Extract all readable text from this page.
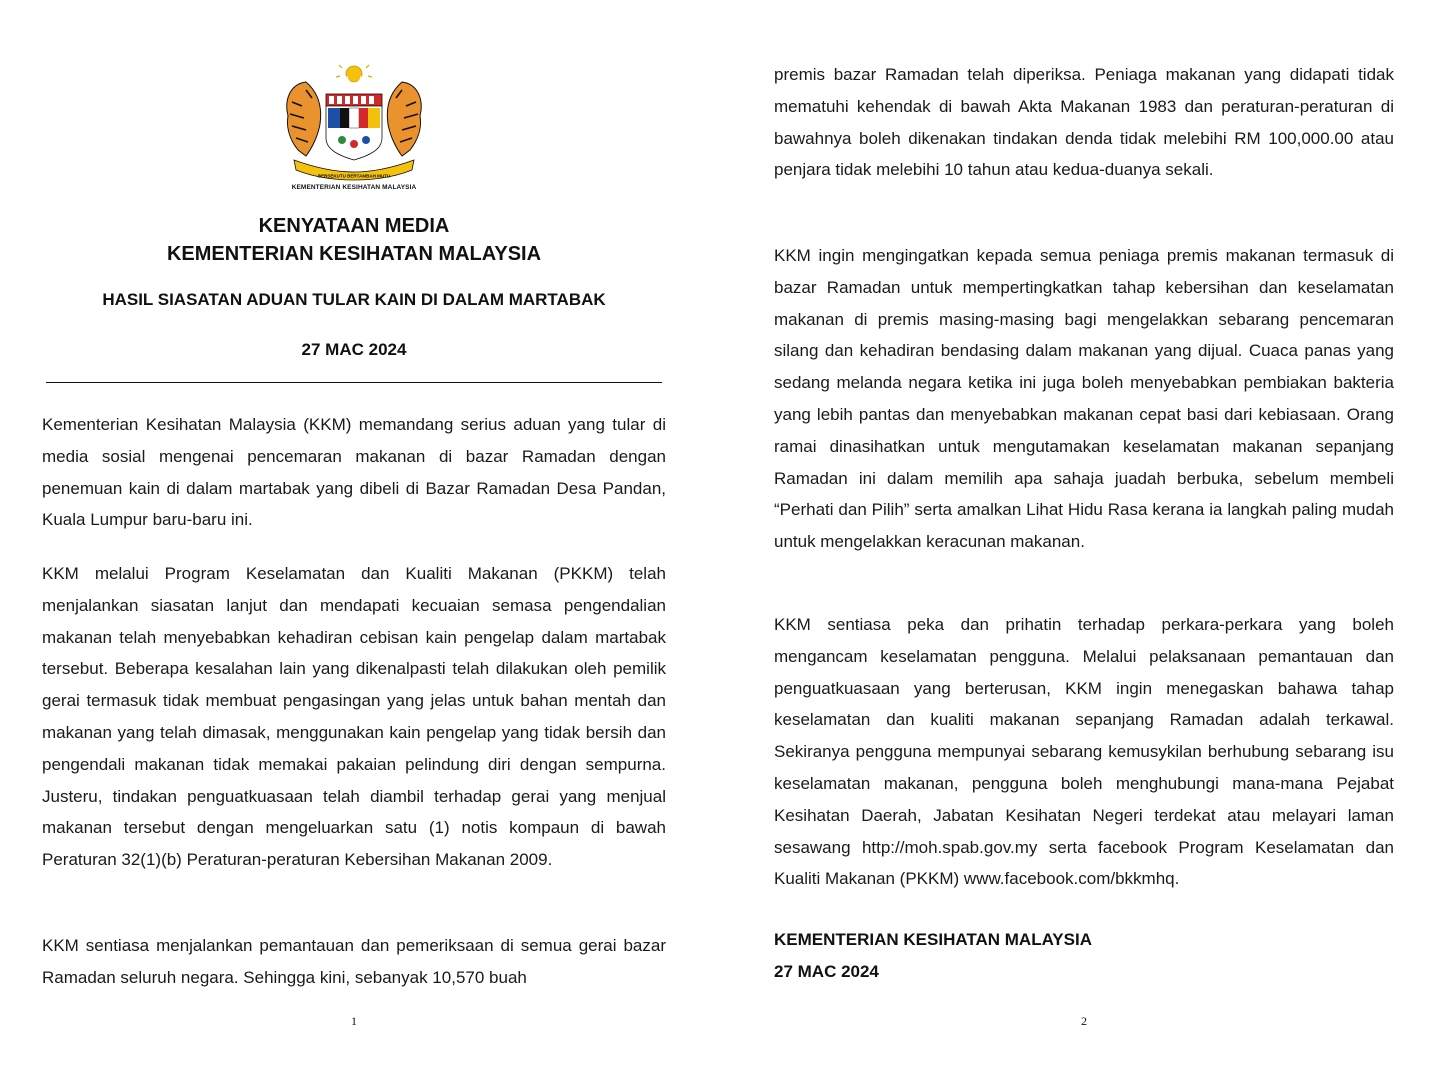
BERSEKUTU BERTAMBAH MUTU
KEMENTERIAN KESIHATAN MALAYSIA
KENYATAAN MEDIA
KEMENTERIAN KESIHATAN MALAYSIA
HASIL SIASATAN ADUAN TULAR KAIN DI DALAM MARTABAK
27 MAC 2024

Kementerian Kesihatan Malaysia (KKM) memandang serius aduan yang tular di media sosial mengenai pencemaran makanan di bazar Ramadan dengan penemuan kain di dalam martabak yang dibeli di Bazar Ramadan Desa Pandan, Kuala Lumpur baru-baru ini.

KKM melalui Program Keselamatan dan Kualiti Makanan (PKKM) telah menjalankan siasatan lanjut dan mendapati kecuaian semasa pengendalian makanan telah menyebabkan kehadiran cebisan kain pengelap dalam martabak tersebut. Beberapa kesalahan lain yang dikenalpasti telah dilakukan oleh pemilik gerai termasuk tidak membuat pengasingan yang jelas untuk bahan mentah dan makanan yang telah dimasak, menggunakan kain pengelap yang tidak bersih dan pengendali makanan tidak memakai pakaian pelindung diri dengan sempurna. Justeru, tindakan penguatkuasaan telah diambil terhadap gerai yang menjual makanan tersebut dengan mengeluarkan satu (1) notis kompaun di bawah Peraturan 32(1)(b) Peraturan-peraturan Kebersihan Makanan 2009.

KKM sentiasa menjalankan pemantauan dan pemeriksaan di semua gerai bazar Ramadan seluruh negara. Sehingga kini, sebanyak 10,570 buah

1

premis bazar Ramadan telah diperiksa. Peniaga makanan yang didapati tidak mematuhi kehendak di bawah Akta Makanan 1983 dan peraturan-peraturan di bawahnya boleh dikenakan tindakan denda tidak melebihi RM 100,000.00 atau penjara tidak melebihi 10 tahun atau kedua-duanya sekali.

KKM ingin mengingatkan kepada semua peniaga premis makanan termasuk di bazar Ramadan untuk mempertingkatkan tahap kebersihan dan keselamatan makanan di premis masing-masing bagi mengelakkan sebarang pencemaran silang dan kehadiran bendasing dalam makanan yang dijual. Cuaca panas yang sedang melanda negara ketika ini juga boleh menyebabkan pembiakan bakteria yang lebih pantas dan menyebabkan makanan cepat basi dari kebiasaan. Orang ramai dinasihatkan untuk mengutamakan keselamatan makanan sepanjang Ramadan ini dalam memilih apa sahaja juadah berbuka, sebelum membeli “Perhati dan Pilih” serta amalkan Lihat Hidu Rasa kerana ia langkah paling mudah untuk mengelakkan keracunan makanan.

KKM sentiasa peka dan prihatin terhadap perkara-perkara yang boleh mengancam keselamatan pengguna. Melalui pelaksanaan pemantauan dan penguatkuasaan yang berterusan, KKM ingin menegaskan bahawa tahap keselamatan dan kualiti makanan sepanjang Ramadan adalah terkawal. Sekiranya pengguna mempunyai sebarang kemusykilan berhubung sebarang isu keselamatan makanan, pengguna boleh menghubungi mana-mana Pejabat Kesihatan Daerah, Jabatan Kesihatan Negeri terdekat atau melayari laman sesawang http://moh.spab.gov.my serta facebook Program Keselamatan dan Kualiti Makanan (PKKM) www.facebook.com/bkkmhq.

KEMENTERIAN KESIHATAN MALAYSIA
27 MAC 2024
2
